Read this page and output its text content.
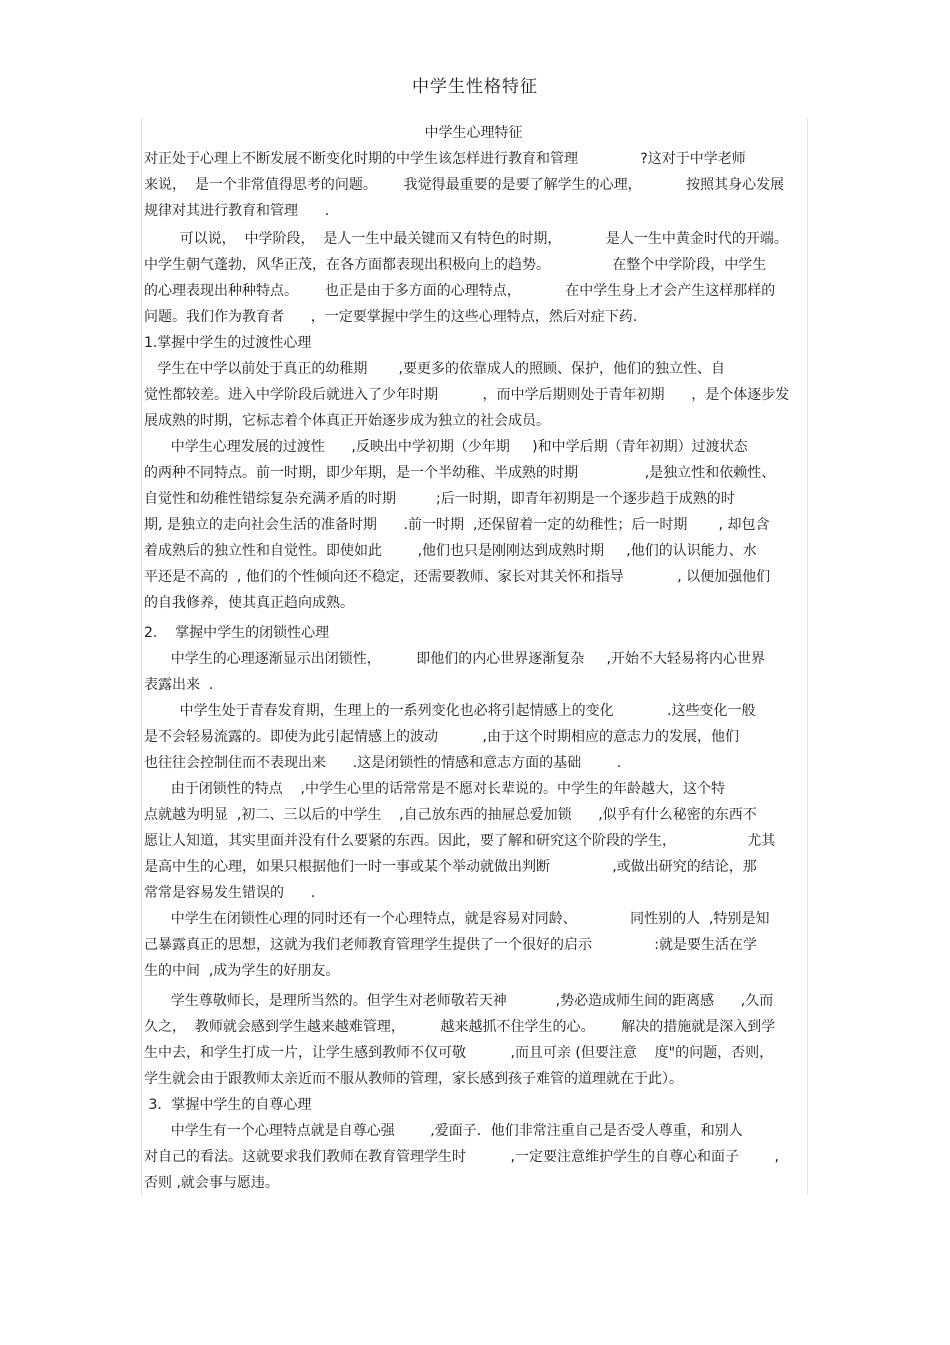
中学生性格特征
中学生心理特征
对正处于心理上不断发展不断变化时期的中学生该怎样进行教育和管理              ?这对于中学老师
来说，  是一个非常值得思考的问题。      我觉得最重要的是要了解学生的心理，          按照其身心发展
规律对其进行教育和管理      .
可以说，  中学阶段，  是人一生中最关键而又有特色的时期，          是人一生中黄金时代的开端。
中学生朝气蓬勃，风华正茂，在各方面都表现出积极向上的趋势。              在整个中学阶段，中学生
的心理表现出种种特点。      也正是由于多方面的心理特点，          在中学生身上才会产生这样那样的
问题。我们作为教育者      ，一定要掌握中学生的这些心理特点，然后对症下药.
1.掌握中学生的过渡性心理
学生在中学以前处于真正的幼稚期       ,要更多的依靠成人的照顾、保护，他们的独立性、自
觉性都较差。进入中学阶段后就进入了少年时期          ，而中学后期则处于青年初期      ，是个体逐步发
展成熟的时期，它标志着个体真正开始逐步成为独立的社会成员。
中学生心理发展的过渡性      ,反映出中学初期（少年期     )和中学后期（青年初期）过渡状态
的两种不同特点。前一时期，即少年期，是一个半幼稚、半成熟的时期               ,是独立性和依赖性、
自觉性和幼稚性错综复杂充满矛盾的时期         ;后一时期，即青年初期是一个逐步趋于成熟的时
期, 是独立的走向社会生活的准备时期      .前一时期  ,还保留着一定的幼稚性；后一时期       , 却包含
着成熟后的独立性和自觉性。即使如此        ,他们也只是刚刚达到成熟时期     ,他们的认识能力、水
平还是不高的  , 他们的个性倾向还不稳定，还需要教师、家长对其关怀和指导            , 以便加强他们
的自我修养，使其真正趋向成熟。
2.    掌握中学生的闭锁性心理
中学生的心理逐渐显示出闭锁性，        即他们的内心世界逐渐复杂     ,开始不大轻易将内心世界
表露出来  .
中学生处于青春发育期，生理上的一系列变化也必将引起情感上的变化            .这些变化一般
是不会轻易流露的。即使为此引起情感上的波动          ,由于这个时期相应的意志力的发展，他们
也往往会控制住而不表现出来      .这是闭锁性的情感和意志方面的基础        .
由于闭锁性的特点    ,中学生心里的话常常是不愿对长辈说的。中学生的年龄越大，这个特
点就越为明显  ,初二、三以后的中学生    ,自己放东西的抽屉总爱加锁      ,似乎有什么秘密的东西不
愿让人知道，其实里面并没有什么要紧的东西。因此，要了解和研究这个阶段的学生，                尤其
是高中生的心理，如果只根据他们一时一事或某个举动就做出判断              ,或做出研究的结论，那
常常是容易发生错误的      .
中学生在闭锁性心理的同时还有一个心理特点，就是容易对同龄、            同性别的人  ,特别是知
己暴露真正的思想，这就为我们老师教育管理学生提供了一个很好的启示              :就是要生活在学
生的中间  ,成为学生的好朋友。
学生尊敬师长，是理所当然的。但学生对老师敬若天神           ,势必造成师生间的距离感      ,久而
久之，  教师就会感到学生越来越难管理，        越来越抓不住学生的心。      解决的措施就是深入到学
生中去，和学生打成一片，让学生感到教师不仅可敬          ,而且可亲 (但要注意    度"的问题，否则，
学生就会由于跟教师太亲近而不服从教师的管理，家长感到孩子难管的道理就在于此）。
3．掌握中学生的自尊心理
中学生有一个心理特点就是自尊心强        ,爱面子．他们非常注重自己是否受人尊重，和别人
对自己的看法。这就要求我们教师在教育管理学生时          ,一定要注意维护学生的自尊心和面子        ,
否则 ,就会事与愿违。
